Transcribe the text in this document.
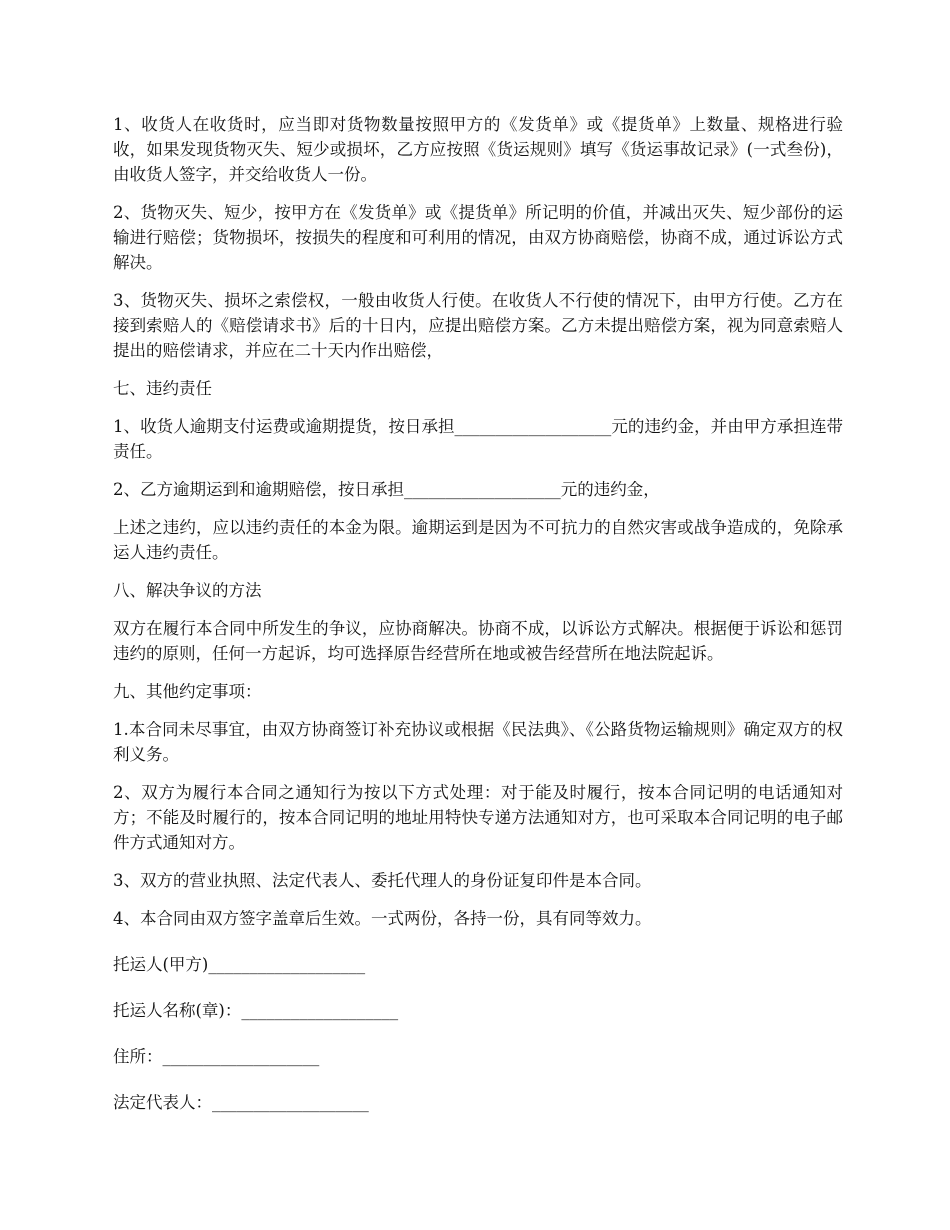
1、收货人在收货时，应当即对货物数量按照甲方的《发货单》或《提货单》上数量、规格进行验收，如果发现货物灭失、短少或损坏，乙方应按照《货运规则》填写《货运事故记录》(一式叁份)，由收货人签字，并交给收货人一份。

2、货物灭失、短少，按甲方在《发货单》或《提货单》所记明的价值，并减出灭失、短少部份的运输进行赔偿；货物损坏，按损失的程度和可利用的情况，由双方协商赔偿，协商不成，通过诉讼方式解决。

3、货物灭失、损坏之索偿权，一般由收货人行使。在收货人不行使的情况下，由甲方行使。乙方在接到索赔人的《赔偿请求书》后的十日内，应提出赔偿方案。乙方未提出赔偿方案，视为同意索赔人提出的赔偿请求，并应在二十天内作出赔偿，

七、违约责任

1、收货人逾期支付运费或逾期提货，按日承担___________________元的违约金，并由甲方承担连带责任。

2、乙方逾期运到和逾期赔偿，按日承担___________________元的违约金，

上述之违约，应以违约责任的本金为限。逾期运到是因为不可抗力的自然灾害或战争造成的，免除承运人违约责任。

八、解决争议的方法

双方在履行本合同中所发生的争议，应协商解决。协商不成，以诉讼方式解决。根据便于诉讼和惩罚违约的原则，任何一方起诉，均可选择原告经营所在地或被告经营所在地法院起诉。

九、其他约定事项：

1.本合同未尽事宜，由双方协商签订补充协议或根据《民法典》、《公路货物运输规则》确定双方的权利义务。

2、双方为履行本合同之通知行为按以下方式处理：对于能及时履行，按本合同记明的电话通知对方；不能及时履行的，按本合同记明的地址用特快专递方法通知对方，也可采取本合同记明的电子邮件方式通知对方。

3、双方的营业执照、法定代表人、委托代理人的身份证复印件是本合同。

4、本合同由双方签字盖章后生效。一式两份，各持一份，具有同等效力。

托运人(甲方)___________________
托运人名称(章)：___________________
住所：___________________
法定代表人：___________________
